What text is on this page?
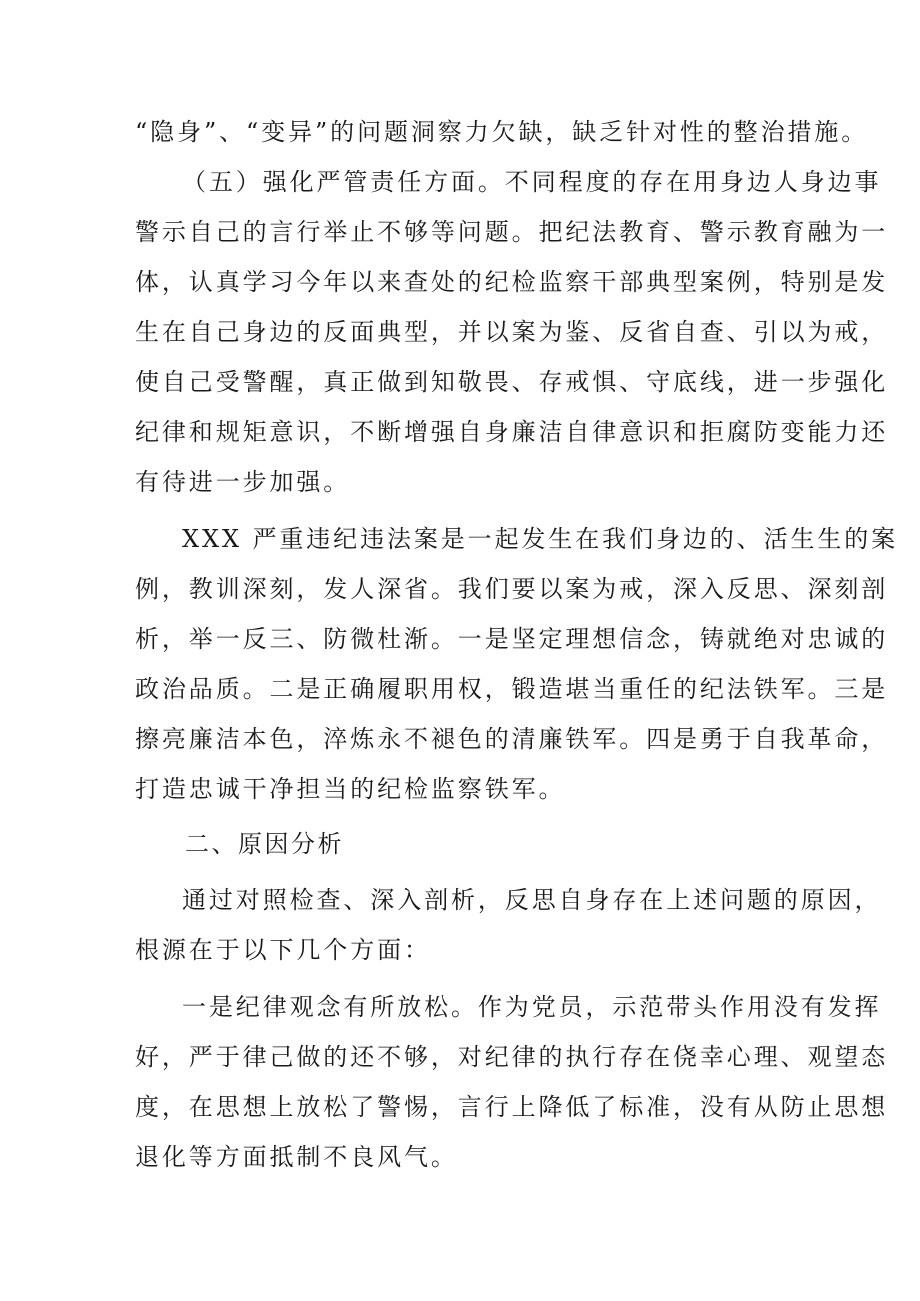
“隐身”、“变异”的问题洞察力欠缺，缺乏针对性的整治措施。
（五）强化严管责任方面。不同程度的存在用身边人身边事
警示自己的言行举止不够等问题。把纪法教育、警示教育融为一
体，认真学习今年以来查处的纪检监察干部典型案例，特别是发
生在自己身边的反面典型，并以案为鉴、反省自查、引以为戒，
使自己受警醒，真正做到知敬畏、存戒惧、守底线，进一步强化
纪律和规矩意识，不断增强自身廉洁自律意识和拒腐防变能力还
有待进一步加强。
XXX 严重违纪违法案是一起发生在我们身边的、活生生的案
例，教训深刻，发人深省。我们要以案为戒，深入反思、深刻剖
析，举一反三、防微杜渐。一是坚定理想信念，铸就绝对忠诚的
政治品质。二是正确履职用权，锻造堪当重任的纪法铁军。三是
擦亮廉洁本色，淬炼永不褪色的清廉铁军。四是勇于自我革命，
打造忠诚干净担当的纪检监察铁军。
二、原因分析
通过对照检查、深入剖析，反思自身存在上述问题的原因，
根源在于以下几个方面：
一是纪律观念有所放松。作为党员，示范带头作用没有发挥
好，严于律己做的还不够，对纪律的执行存在侥幸心理、观望态
度，在思想上放松了警惕，言行上降低了标准，没有从防止思想
退化等方面抵制不良风气。
